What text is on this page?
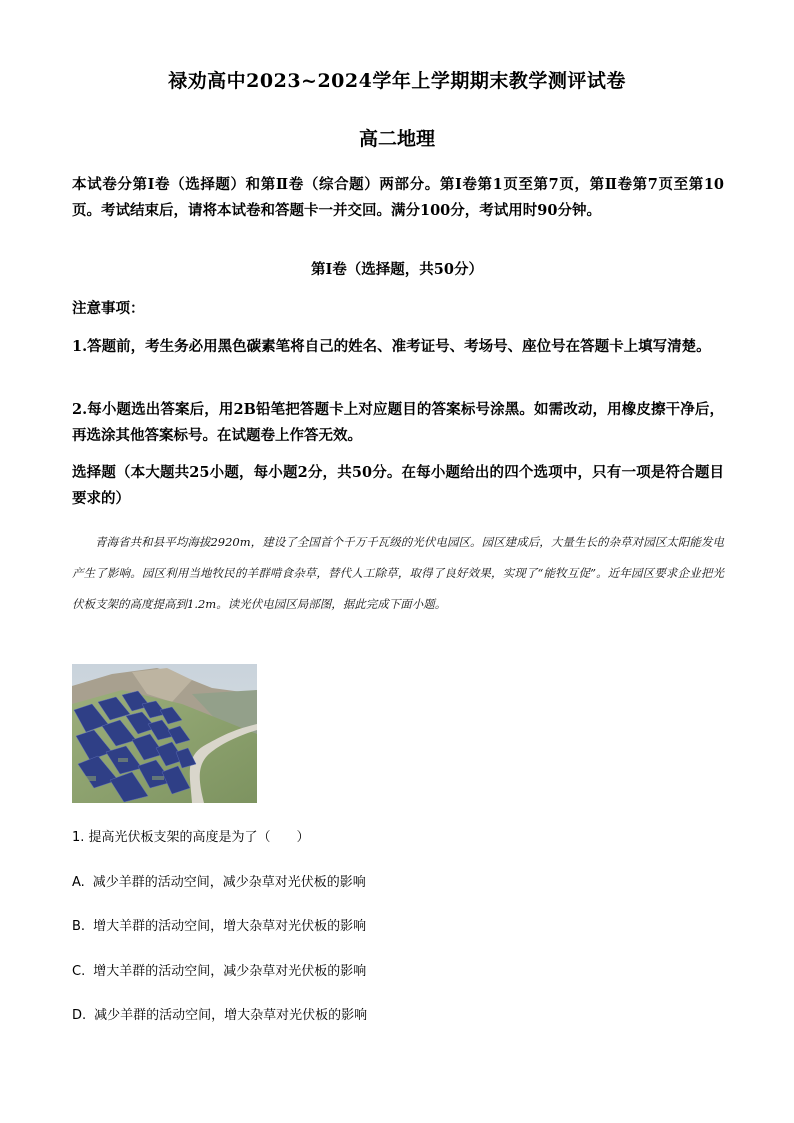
禄劝高中2023~2024学年上学期期末教学测评试卷
高二地理
本试卷分第Ⅰ卷（选择题）和第Ⅱ卷（综合题）两部分。第Ⅰ卷第1页至第7页，第Ⅱ卷第7页至第10页。考试结束后，请将本试卷和答题卡一并交回。满分100分，考试用时90分钟。
第Ⅰ卷（选择题，共50分）
注意事项：
1.答题前，考生务必用黑色碳素笔将自己的姓名、准考证号、考场号、座位号在答题卡上填写清楚。
2.每小题选出答案后，用2B铅笔把答题卡上对应题目的答案标号涂黑。如需改动，用橡皮擦干净后，再选涂其他答案标号。在试题卷上作答无效。
选择题（本大题共25小题，每小题2分，共50分。在每小题给出的四个选项中，只有一项是符合题目要求的）
青海省共和县平均海拔2920m，建设了全国首个千万千瓦级的光伏电园区。园区建成后，大量生长的杂草对园区太阳能发电产生了影响。园区利用当地牧民的羊群啃食杂草，替代人工除草，取得了良好效果，实现了“能牧互促”。近年园区要求企业把光伏板支架的高度提高到1.2m。读光伏电园区局部图，据此完成下面小题。
1. 提高光伏板支架的高度是为了（　　）
A. 减少羊群的活动空间，减少杂草对光伏板的影响
B. 增大羊群的活动空间，增大杂草对光伏板的影响
C. 增大羊群的活动空间，减少杂草对光伏板的影响
D. 减少羊群的活动空间，增大杂草对光伏板的影响
